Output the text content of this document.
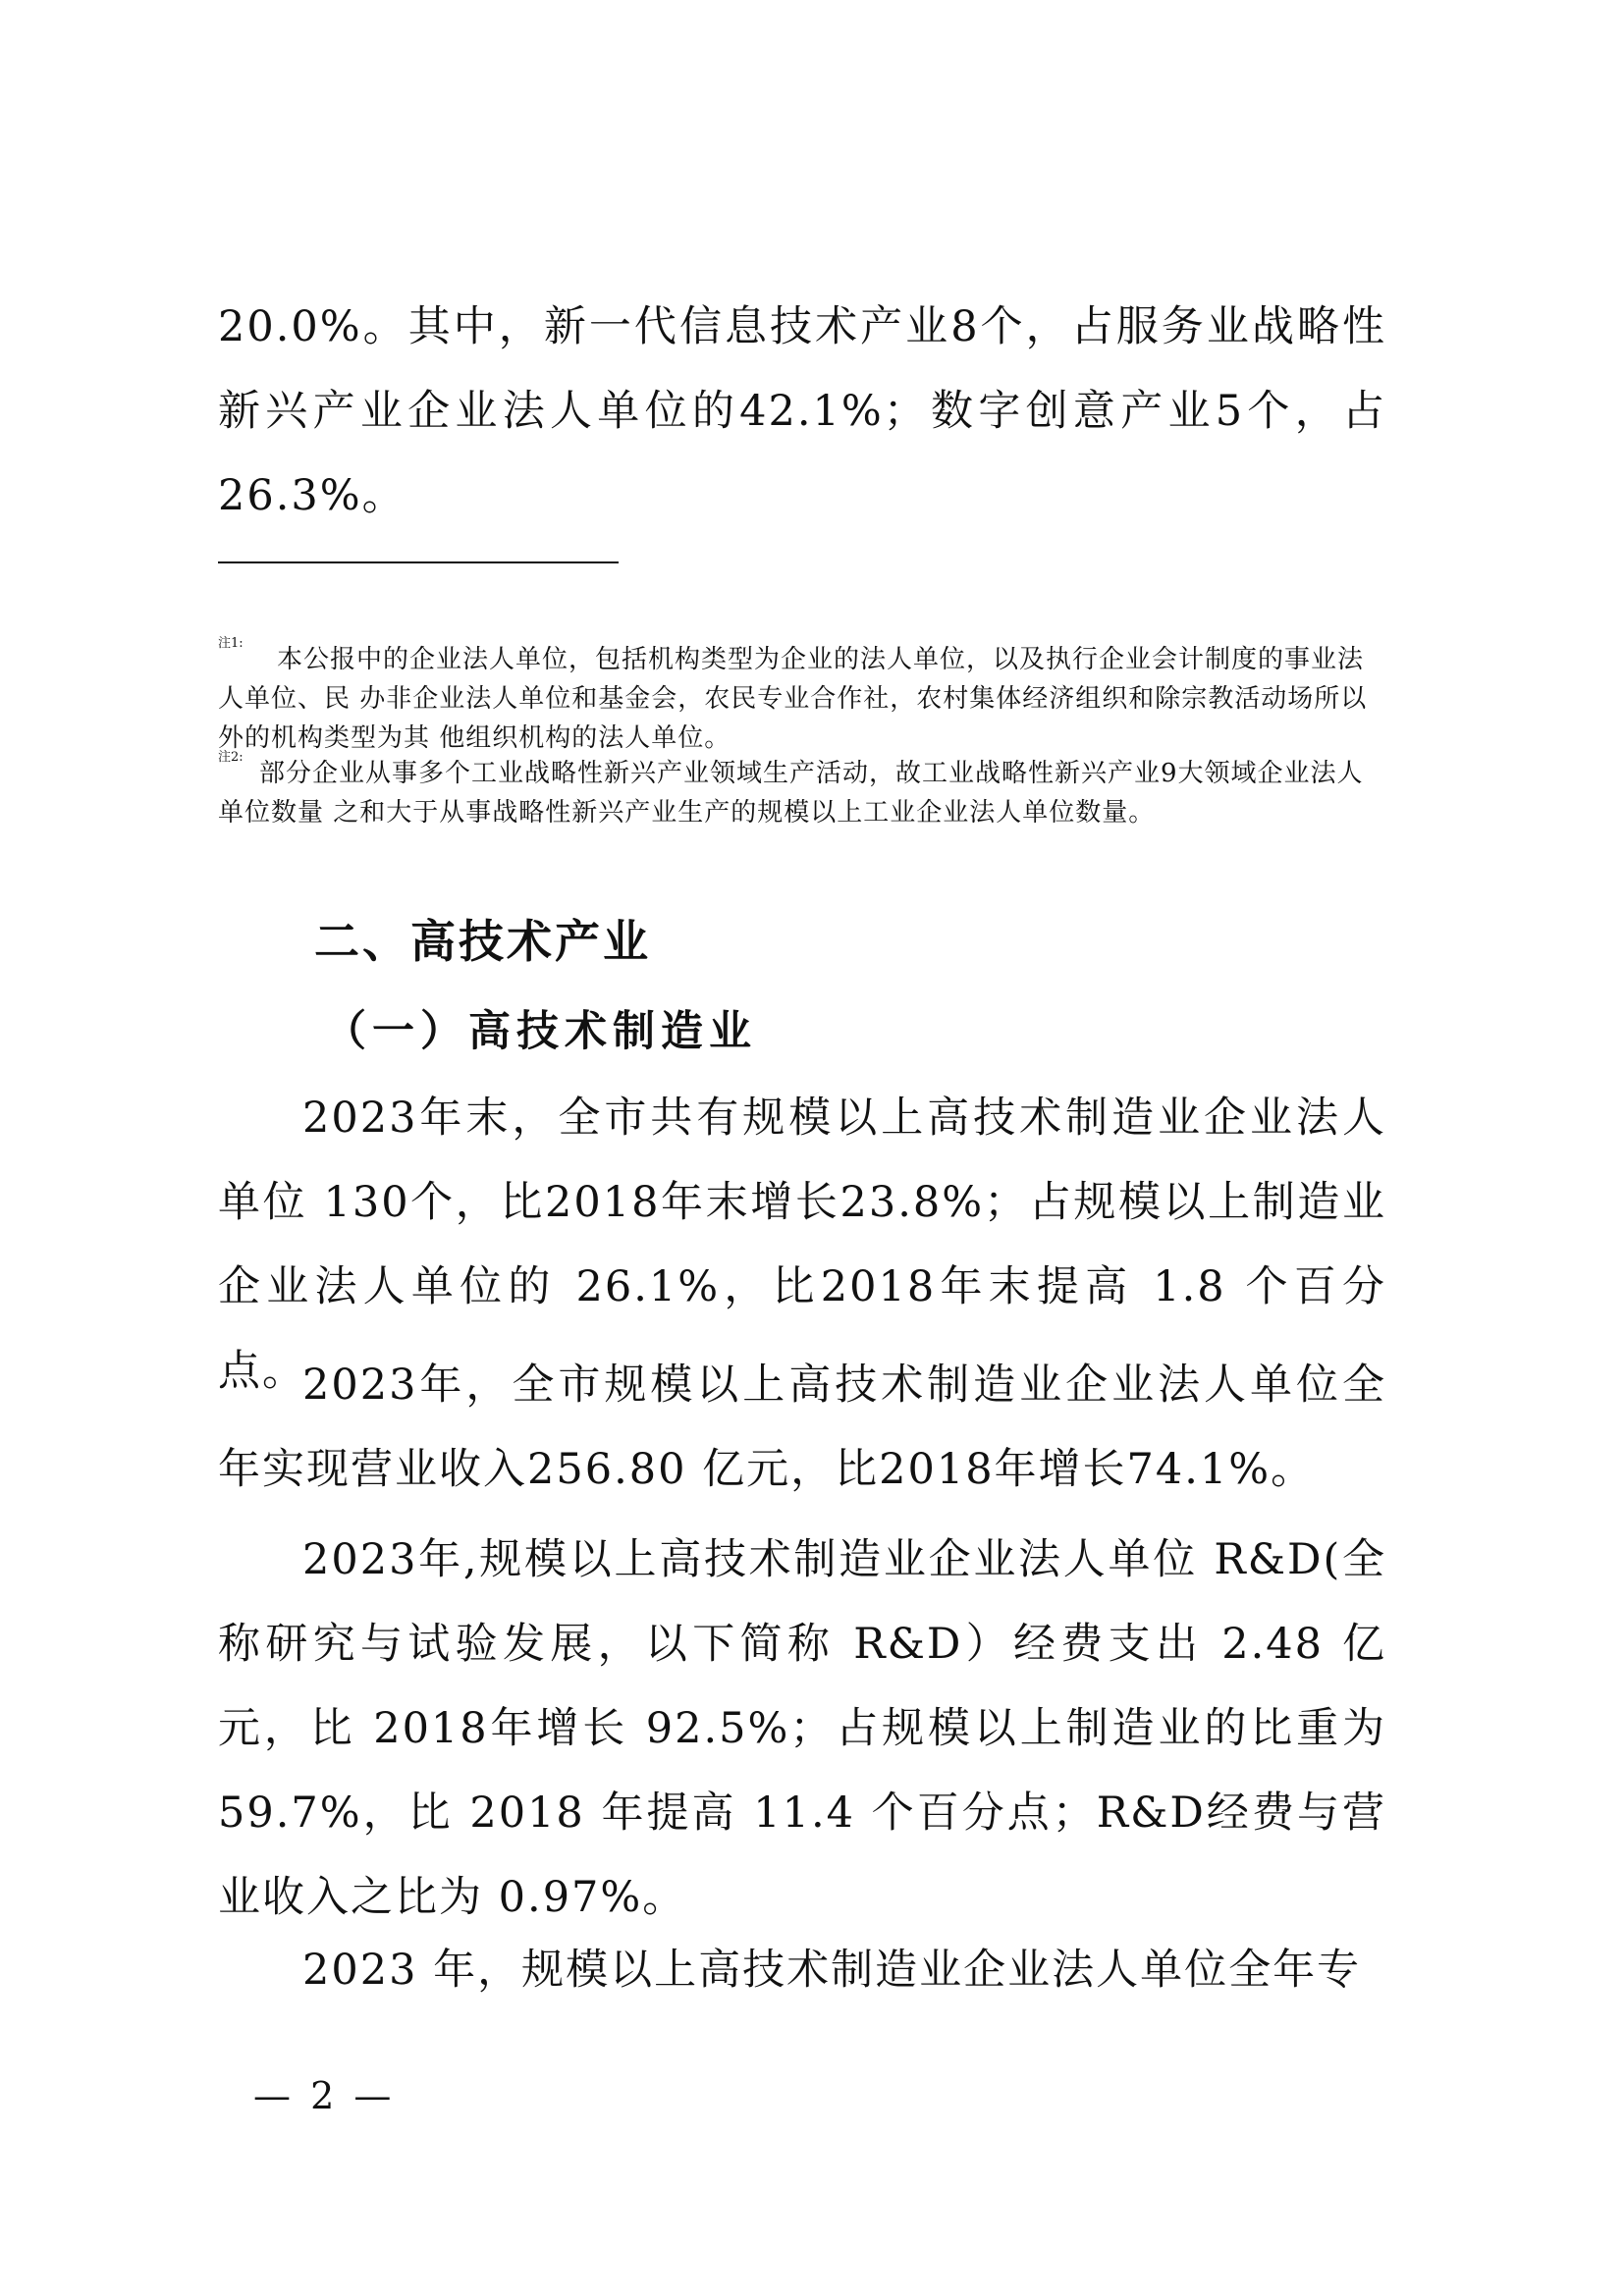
20.0%。其中，新一代信息技术产业8个，占服务业战略性新兴产业企业法人单位的42.1%；数字创意产业5个，占26.3%。

注1:

本公报中的企业法人单位，包括机构类型为企业的法人单位，以及执行企业会计制度的事业法人单位、民 办非企业法人单位和基金会，农民专业合作社，农村集体经济组织和除宗教活动场所以外的机构类型为其 他组织机构的法人单位。

注2:

部分企业从事多个工业战略性新兴产业领域生产活动，故工业战略性新兴产业9大领域企业法人单位数量 之和大于从事战略性新兴产业生产的规模以上工业企业法人单位数量。

二、高技术产业
（一）高技术制造业

2023年末，全市共有规模以上高技术制造业企业法人单位 130个，比2018年末增长23.8%；占规模以上制造业企业法人单位的 26.1%，比2018年末提高 1.8 个百分点。

2023年，全市规模以上高技术制造业企业法人单位全年实现营业收入256.80 亿元，比2018年增长74.1%。

2023年,规模以上高技术制造业企业法人单位 R&D(全称研究与试验发展，以下简称 R&D）经费支出 2.48 亿元，比 2018年增长 92.5%；占规模以上制造业的比重为 59.7%，比 2018 年提高 11.4 个百分点；R&D经费与营业收入之比为 0.97%。

2023 年，规模以上高技术制造业企业法人单位全年专

— 2 —
